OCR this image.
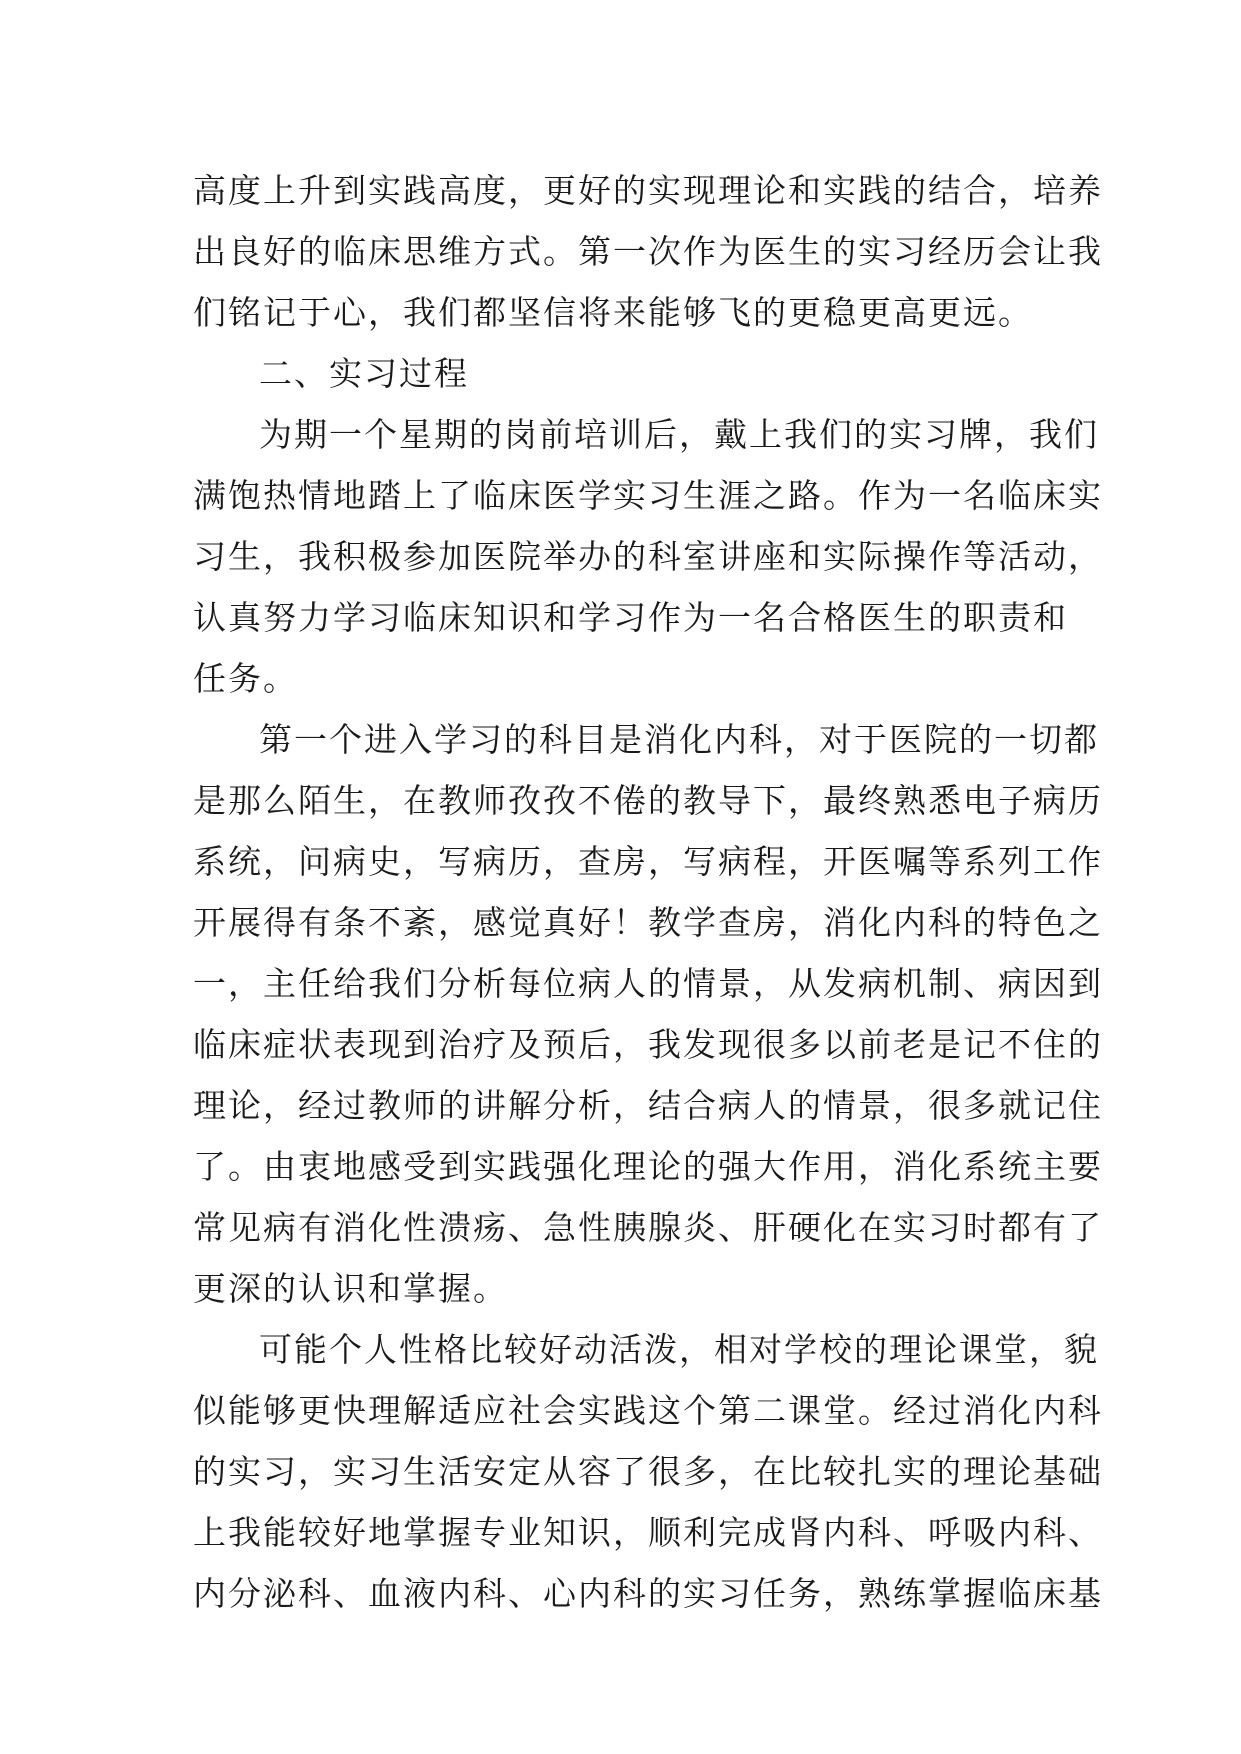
高度上升到实践高度，更好的实现理论和实践的结合，培养
出良好的临床思维方式。第一次作为医生的实习经历会让我
们铭记于心，我们都坚信将来能够飞的更稳更高更远。
二、实习过程
为期一个星期的岗前培训后，戴上我们的实习牌，我们
满饱热情地踏上了临床医学实习生涯之路。作为一名临床实
习生，我积极参加医院举办的科室讲座和实际操作等活动，
认真努力学习临床知识和学习作为一名合格医生的职责和
任务。
第一个进入学习的科目是消化内科，对于医院的一切都
是那么陌生，在教师孜孜不倦的教导下，最终熟悉电子病历
系统，问病史，写病历，查房，写病程，开医嘱等系列工作
开展得有条不紊，感觉真好！教学查房，消化内科的特色之
一，主任给我们分析每位病人的情景，从发病机制、病因到
临床症状表现到治疗及预后，我发现很多以前老是记不住的
理论，经过教师的讲解分析，结合病人的情景，很多就记住
了。由衷地感受到实践强化理论的强大作用，消化系统主要
常见病有消化性溃疡、急性胰腺炎、肝硬化在实习时都有了
更深的认识和掌握。
可能个人性格比较好动活泼，相对学校的理论课堂，貌
似能够更快理解适应社会实践这个第二课堂。经过消化内科
的实习，实习生活安定从容了很多，在比较扎实的理论基础
上我能较好地掌握专业知识，顺利完成肾内科、呼吸内科、
内分泌科、血液内科、心内科的实习任务，熟练掌握临床基
